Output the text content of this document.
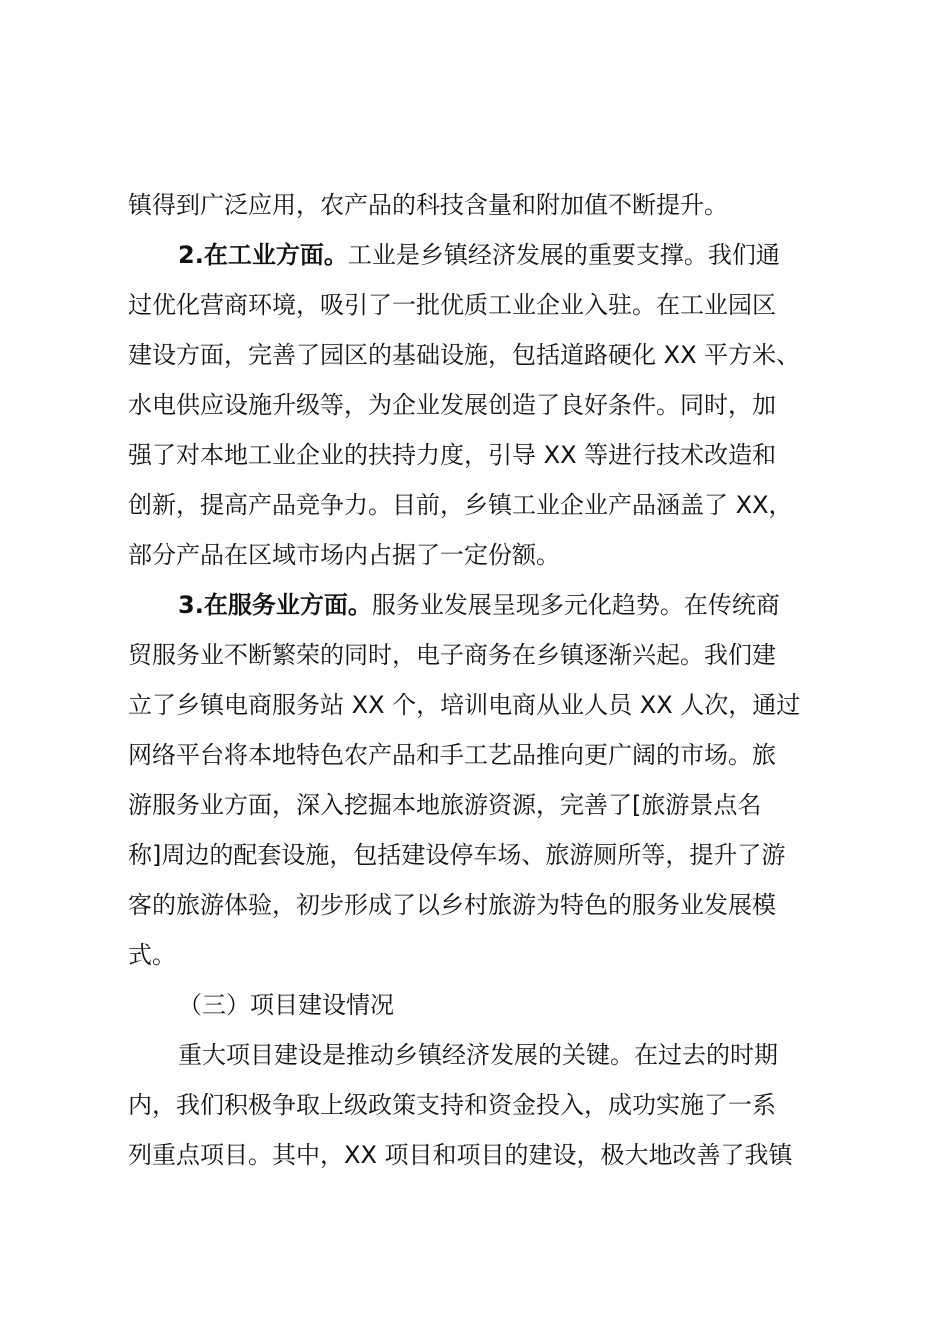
镇得到广泛应用，农产品的科技含量和附加值不断提升。
2.在工业方面。工业是乡镇经济发展的重要支撑。我们通
过优化营商环境，吸引了一批优质工业企业入驻。在工业园区
建设方面，完善了园区的基础设施，包括道路硬化 XX 平方米、
水电供应设施升级等，为企业发展创造了良好条件。同时，加
强了对本地工业企业的扶持力度，引导 XX 等进行技术改造和
创新，提高产品竞争力。目前，乡镇工业企业产品涵盖了 XX，
部分产品在区域市场内占据了一定份额。
3.在服务业方面。服务业发展呈现多元化趋势。在传统商
贸服务业不断繁荣的同时，电子商务在乡镇逐渐兴起。我们建
立了乡镇电商服务站 XX 个，培训电商从业人员 XX 人次，通过
网络平台将本地特色农产品和手工艺品推向更广阔的市场。旅
游服务业方面，深入挖掘本地旅游资源，完善了[旅游景点名
称]周边的配套设施，包括建设停车场、旅游厕所等，提升了游
客的旅游体验，初步形成了以乡村旅游为特色的服务业发展模
式。
（三）项目建设情况
重大项目建设是推动乡镇经济发展的关键。在过去的时期
内，我们积极争取上级政策支持和资金投入，成功实施了一系
列重点项目。其中，XX 项目和项目的建设，极大地改善了我镇
